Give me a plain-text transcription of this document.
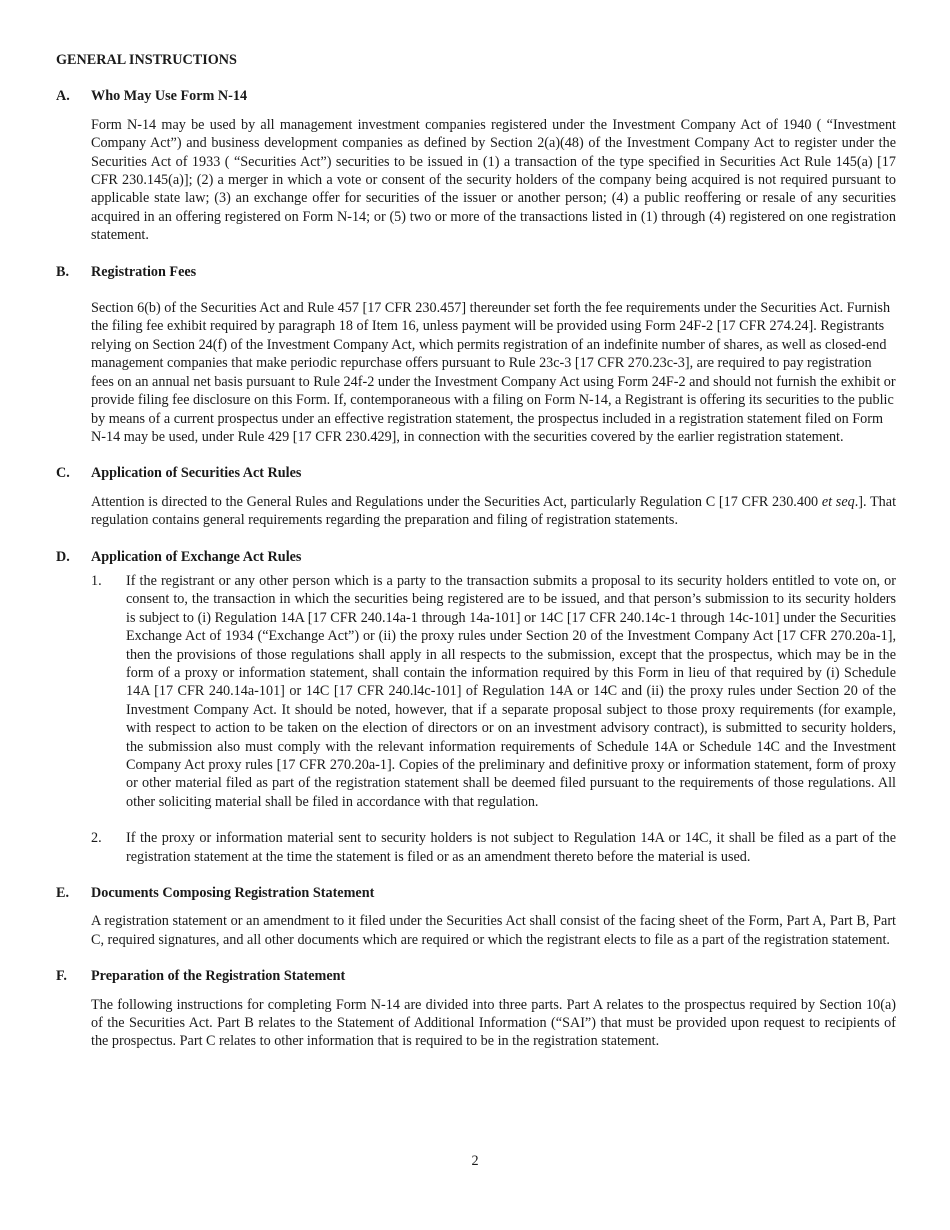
GENERAL INSTRUCTIONS
A.	Who May Use Form N-14
Form N-14 may be used by all management investment companies registered under the Investment Company Act of 1940 ( “Investment Company Act”) and business development companies as defined by Section 2(a)(48) of the Investment Company Act to register under the Securities Act of 1933 ( “Securities Act”) securities to be issued in (1) a transaction of the type specified in Securities Act Rule 145(a) [17 CFR 230.145(a)]; (2) a merger in which a vote or consent of the security holders of the company being acquired is not required pursuant to applicable state law; (3) an exchange offer for securities of the issuer or another person; (4) a public reoffering or resale of any securities acquired in an offering registered on Form N-14; or (5) two or more of the transactions listed in (1) through (4) registered on one registration statement.
B.	Registration Fees
Section 6(b) of the Securities Act and Rule 457 [17 CFR 230.457] thereunder set forth the fee requirements under the Securities Act. Furnish the filing fee exhibit required by paragraph 18 of Item 16, unless payment will be provided using Form 24F-2 [17 CFR 274.24]. Registrants relying on Section 24(f) of the Investment Company Act, which permits registration of an indefinite number of shares, as well as closed-end management companies that make periodic repurchase offers pursuant to Rule 23c-3 [17 CFR 270.23c-3], are required to pay registration fees on an annual net basis pursuant to Rule 24f-2 under the Investment Company Act using Form 24F-2 and should not furnish the exhibit or provide filing fee disclosure on this Form. If, contemporaneous with a filing on Form N-14, a Registrant is offering its securities to the public by means of a current prospectus under an effective registration statement, the prospectus included in a registration statement filed on Form N-14 may be used, under Rule 429 [17 CFR 230.429], in connection with the securities covered by the earlier registration statement.
C.	Application of Securities Act Rules
Attention is directed to the General Rules and Regulations under the Securities Act, particularly Regulation C [17 CFR 230.400 et seq.]. That regulation contains general requirements regarding the preparation and filing of registration statements.
D.	Application of Exchange Act Rules
1.	If the registrant or any other person which is a party to the transaction submits a proposal to its security holders entitled to vote on, or consent to, the transaction in which the securities being registered are to be issued, and that person’s submission to its security holders is subject to (i) Regulation 14A [17 CFR 240.14a-1 through 14a-101] or 14C [17 CFR 240.14c-1 through 14c-101] under the Securities Exchange Act of 1934 (“Exchange Act”) or (ii) the proxy rules under Section 20 of the Investment Company Act [17 CFR 270.20a-1], then the provisions of those regulations shall apply in all respects to the submission, except that the prospectus, which may be in the form of a proxy or information statement, shall contain the information required by this Form in lieu of that required by (i) Schedule 14A [17 CFR 240.14a-101] or 14C [17 CFR 240.l4c-101] of Regulation 14A or 14C and (ii) the proxy rules under Section 20 of the Investment Company Act. It should be noted, however, that if a separate proposal subject to those proxy requirements (for example, with respect to action to be taken on the election of directors or on an investment advisory contract), is submitted to security holders, the submission also must comply with the relevant information requirements of Schedule 14A or Schedule 14C and the Investment Company Act proxy rules [17 CFR 270.20a-1]. Copies of the preliminary and definitive proxy or information statement, form of proxy or other material filed as part of the registration statement shall be deemed filed pursuant to the requirements of those regulations. All other soliciting material shall be filed in accordance with that regulation.
2.	If the proxy or information material sent to security holders is not subject to Regulation 14A or 14C, it shall be filed as a part of the registration statement at the time the statement is filed or as an amendment thereto before the material is used.
E.	Documents Composing Registration Statement
A registration statement or an amendment to it filed under the Securities Act shall consist of the facing sheet of the Form, Part A, Part B, Part C, required signatures, and all other documents which are required or which the registrant elects to file as a part of the registration statement.
F.	Preparation of the Registration Statement
The following instructions for completing Form N-14 are divided into three parts. Part A relates to the prospectus required by Section 10(a) of the Securities Act. Part B relates to the Statement of Additional Information (“SAI”) that must be provided upon request to recipients of the prospectus. Part C relates to other information that is required to be in the registration statement.
2
